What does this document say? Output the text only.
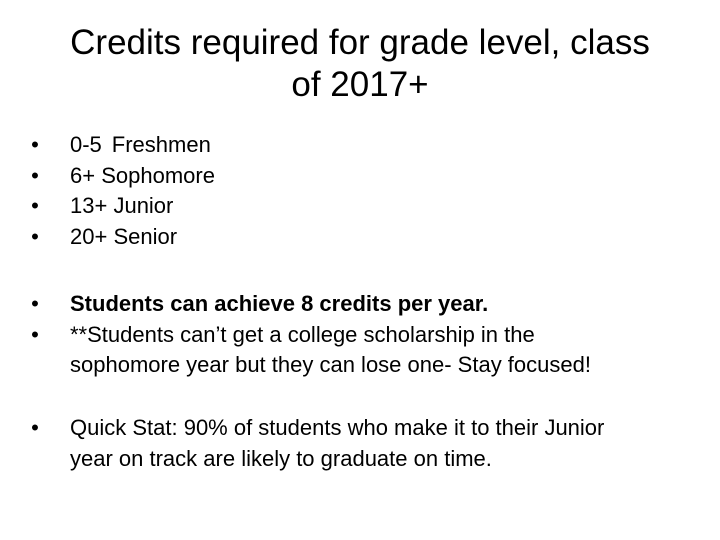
Credits required for grade level, class
of 2017+
• 0-5 Freshmen
• 6+ Sophomore
• 13+ Junior
• 20+ Senior
• Students can achieve 8 credits per year.
• **Students can’t get a college scholarship in the
sophomore year but they can lose one- Stay focused!
• Quick Stat: 90% of students who make it to their Junior
year on track are likely to graduate on time.
